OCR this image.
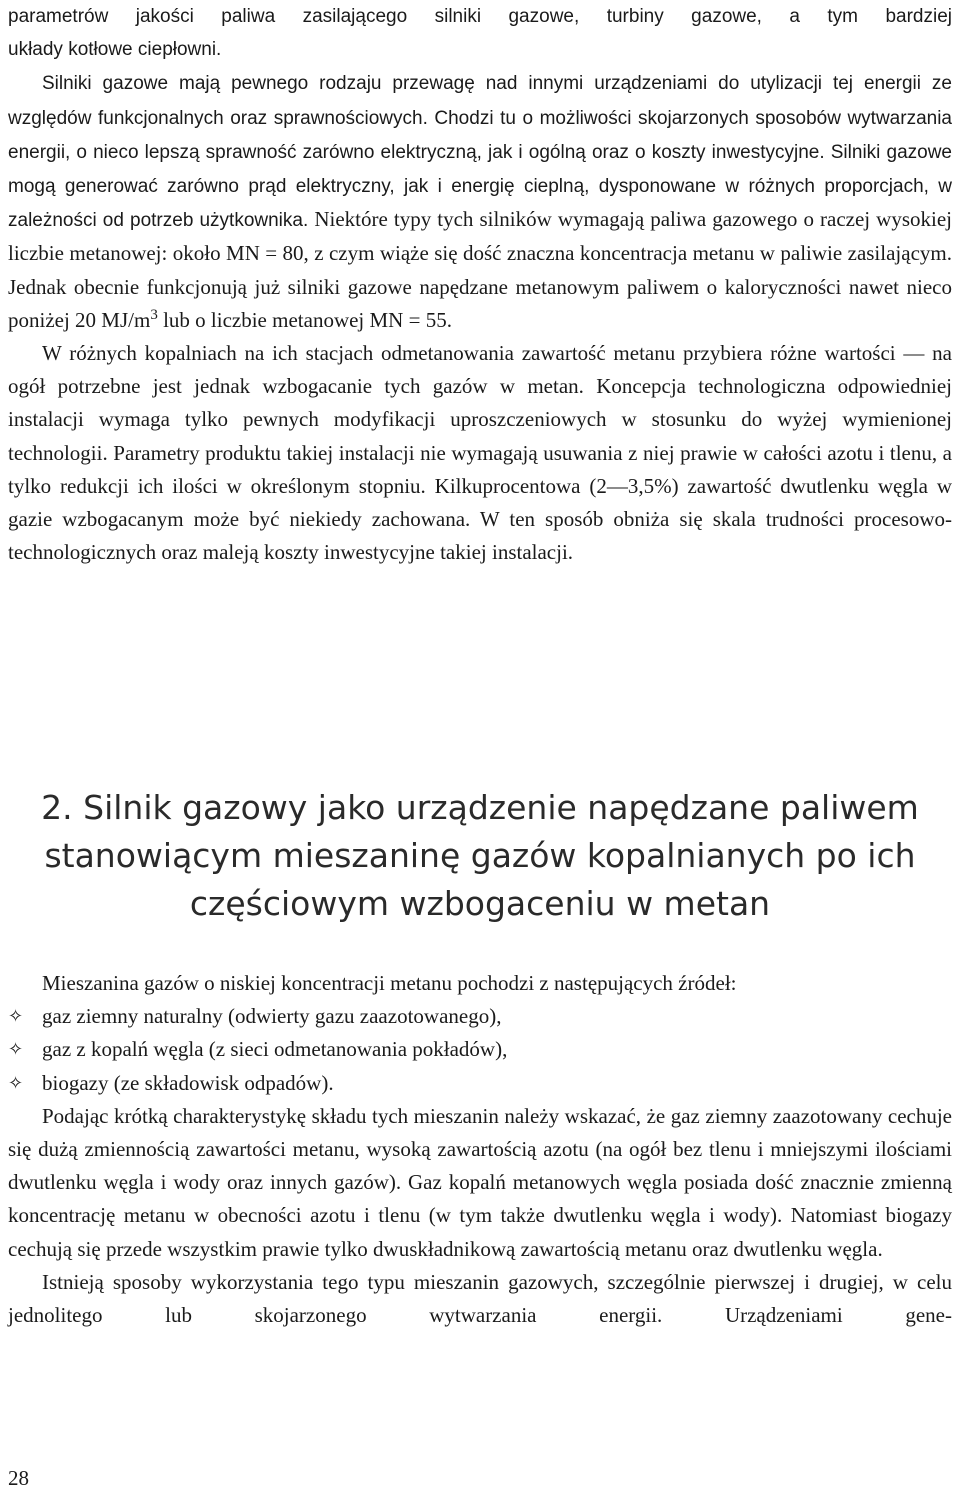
parametrów jakości paliwa zasilającego silniki gazowe, turbiny gazowe, a tym bardziej
układy kotłowe ciepłowni.

Silniki gazowe mają pewnego rodzaju przewagę nad innymi urządzeniami do utylizacji tej energii ze względów funkcjonalnych oraz sprawnościowych. Chodzi tu o możliwości skojarzonych sposobów wytwarzania energii, o nieco lepszą sprawność zarówno elektryczną, jak i ogólną oraz o koszty inwestycyjne. Silniki gazowe mogą generować zarówno prąd elektryczny, jak i energię cieplną, dysponowane w różnych proporcjach, w zależności od potrzeb użytkownika. Niektóre typy tych silników wymagają paliwa gazowego o raczej wysokiej liczbie metanowej: około MN = 80, z czym wiąże się dość znaczna koncentracja metanu w paliwie zasilającym. Jednak obecnie funkcjonują już silniki gazowe napędzane metanowym paliwem o kaloryczności nawet nieco poniżej 20 $MJ/m^3$ lub o liczbie metanowej MN = 55.

W różnych kopalniach na ich stacjach odmetanowania zawartość metanu przybiera różne wartości — na ogół potrzebne jest jednak wzbogacanie tych gazów w metan. Koncepcja technologiczna odpowiedniej instalacji wymaga tylko pewnych modyfikacji uproszczeniowych w stosunku do wyżej wymienionej technologii. Parametry produktu takiej instalacji nie wymagają usuwania z niej prawie w całości azotu i tlenu, a tylko redukcji ich ilości w określonym stopniu. Kilkuprocentowa (2—3,5%) zawartość dwutlenku węgla w gazie wzbogacanym może być niekiedy zachowana. W ten sposób obniża się skala trudności procesowo-technologicznych oraz maleją koszty inwestycyjne takiej instalacji.

2. Silnik gazowy jako urządzenie napędzane paliwem
stanowiącym mieszaninę gazów kopalnianych po ich
częściowym wzbogaceniu w metan

Mieszanina gazów o niskiej koncentracji metanu pochodzi z następujących źródeł:

✧ gaz ziemny naturalny (odwierty gazu zaazotowanego),
✧ gaz z kopalń węgla (z sieci odmetanowania pokładów),
✧ biogazy (ze składowisk odpadów).

Podając krótką charakterystykę składu tych mieszanin należy wskazać, że gaz ziemny zaazotowany cechuje się dużą zmiennością zawartości metanu, wysoką zawartością azotu (na ogół bez tlenu i mniejszymi ilościami dwutlenku węgla i wody oraz innych gazów). Gaz kopalń metanowych węgla posiada dość znacznie zmienną koncentrację metanu w obecności azotu i tlenu (w tym także dwutlenku węgla i wody). Natomiast biogazy cechują się przede wszystkim prawie tylko dwuskładnikową zawartością metanu oraz dwutlenku węgla.

Istnieją sposoby wykorzystania tego typu mieszanin gazowych, szczególnie pierwszej i drugiej, w celu jednolitego lub skojarzonego wytwarzania energii. Urządzeniami gene-

28
